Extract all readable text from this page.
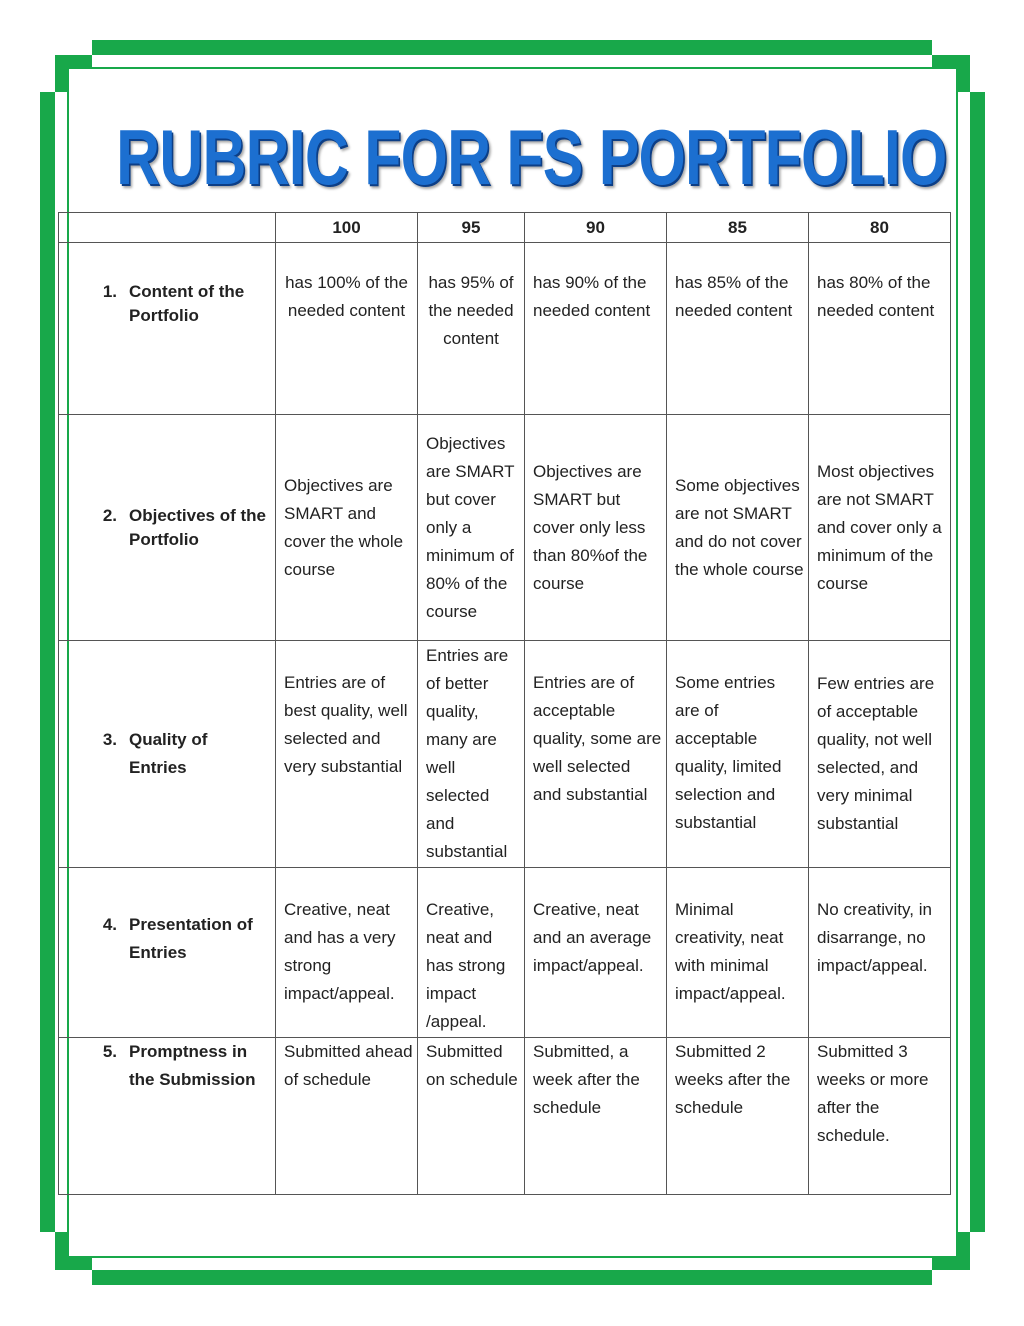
RUBRIC FOR FS PORTFOLIO
	100	95	90	85	80

1. Content of the Portfolio	has 100% of the needed content	has 95% of the needed content	has 90% of the needed content	has 85% of the needed content	has 80% of the needed content

2. Objectives of the Portfolio	Objectives are SMART and cover the whole course	Objectives are SMART but cover only a minimum of 80% of the course	Objectives are SMART but cover only less than 80%of the course	Some objectives are not SMART and do not cover the whole course	Most objectives are not SMART and cover only a minimum of the course

3. Quality of Entries	Entries are of best quality, well selected and very substantial	Entries are of better quality, many are well selected and substantial	Entries are of acceptable quality, some are well selected and substantial	Some entries are of acceptable quality, limited selection and substantial	Few entries are of acceptable quality, not well selected, and very minimal substantial

4. Presentation of Entries	Creative, neat and has a very strong impact/appeal.	Creative, neat and has strong impact /appeal.	Creative, neat and an average impact/appeal.	Minimal creativity, neat with minimal impact/appeal.	No creativity, in disarrange, no impact/appeal.

5. Promptness in the Submission	Submitted ahead of schedule	Submitted on schedule	Submitted, a week after the schedule	Submitted 2 weeks after the schedule	Submitted 3 weeks or more after the schedule.
